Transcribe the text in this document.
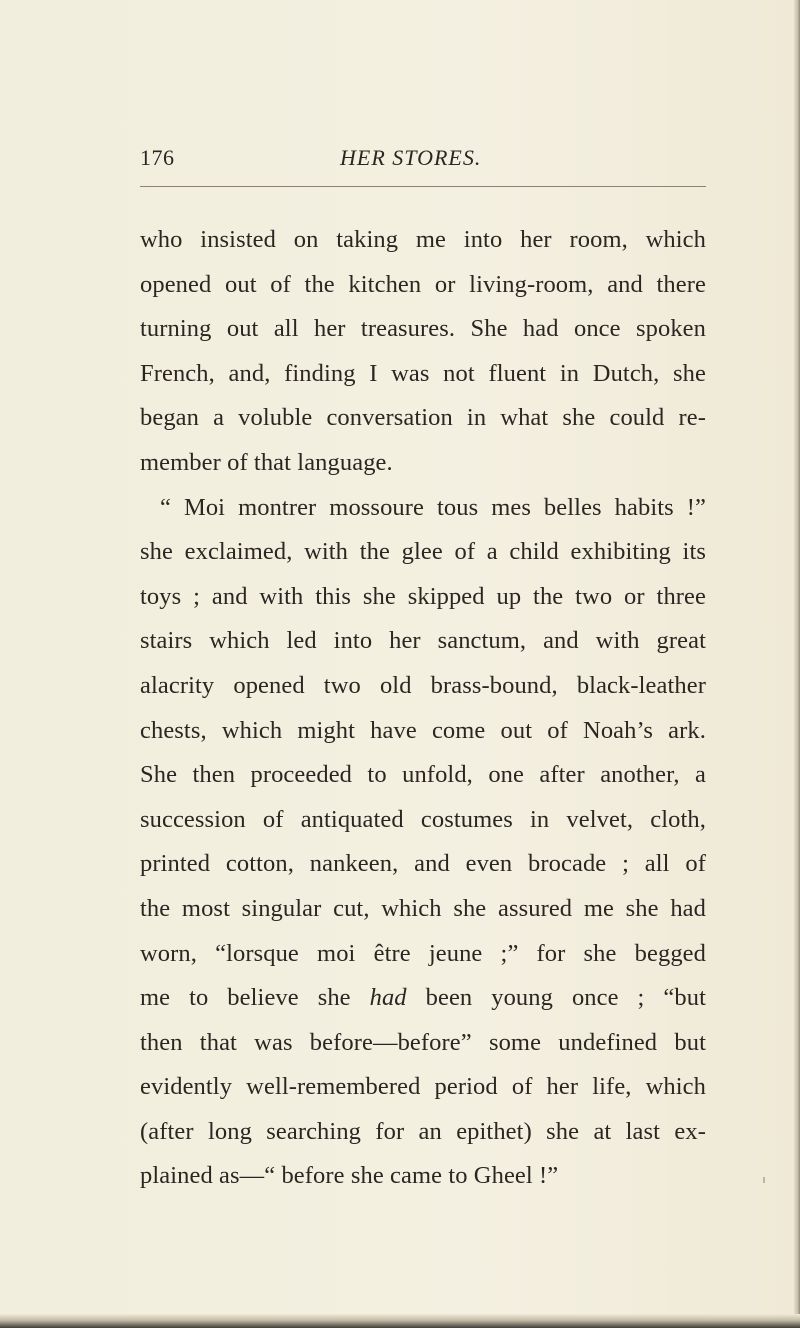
176	HER STORES.
who insisted on taking me into her room, which
opened out of the kitchen or living-room, and there
turning out all her treasures. She had once spoken
French, and, finding I was not fluent in Dutch, she
began a voluble conversation in what she could re-
member of that language.
“ Moi montrer mossoure tous mes belles habits !”
she exclaimed, with the glee of a child exhibiting its
toys ; and with this she skipped up the two or three
stairs which led into her sanctum, and with great
alacrity opened two old brass-bound, black-leather
chests, which might have come out of Noah’s ark.
She then proceeded to unfold, one after another, a
succession of antiquated costumes in velvet, cloth,
printed cotton, nankeen, and even brocade ; all of
the most singular cut, which she assured me she had
worn, “lorsque moi être jeune ;” for she begged
me to believe she had been young once ; “but
then that was before—before” some undefined but
evidently well-remembered period of her life, which
(after long searching for an epithet) she at last ex-
plained as—“ before she came to Gheel !”
